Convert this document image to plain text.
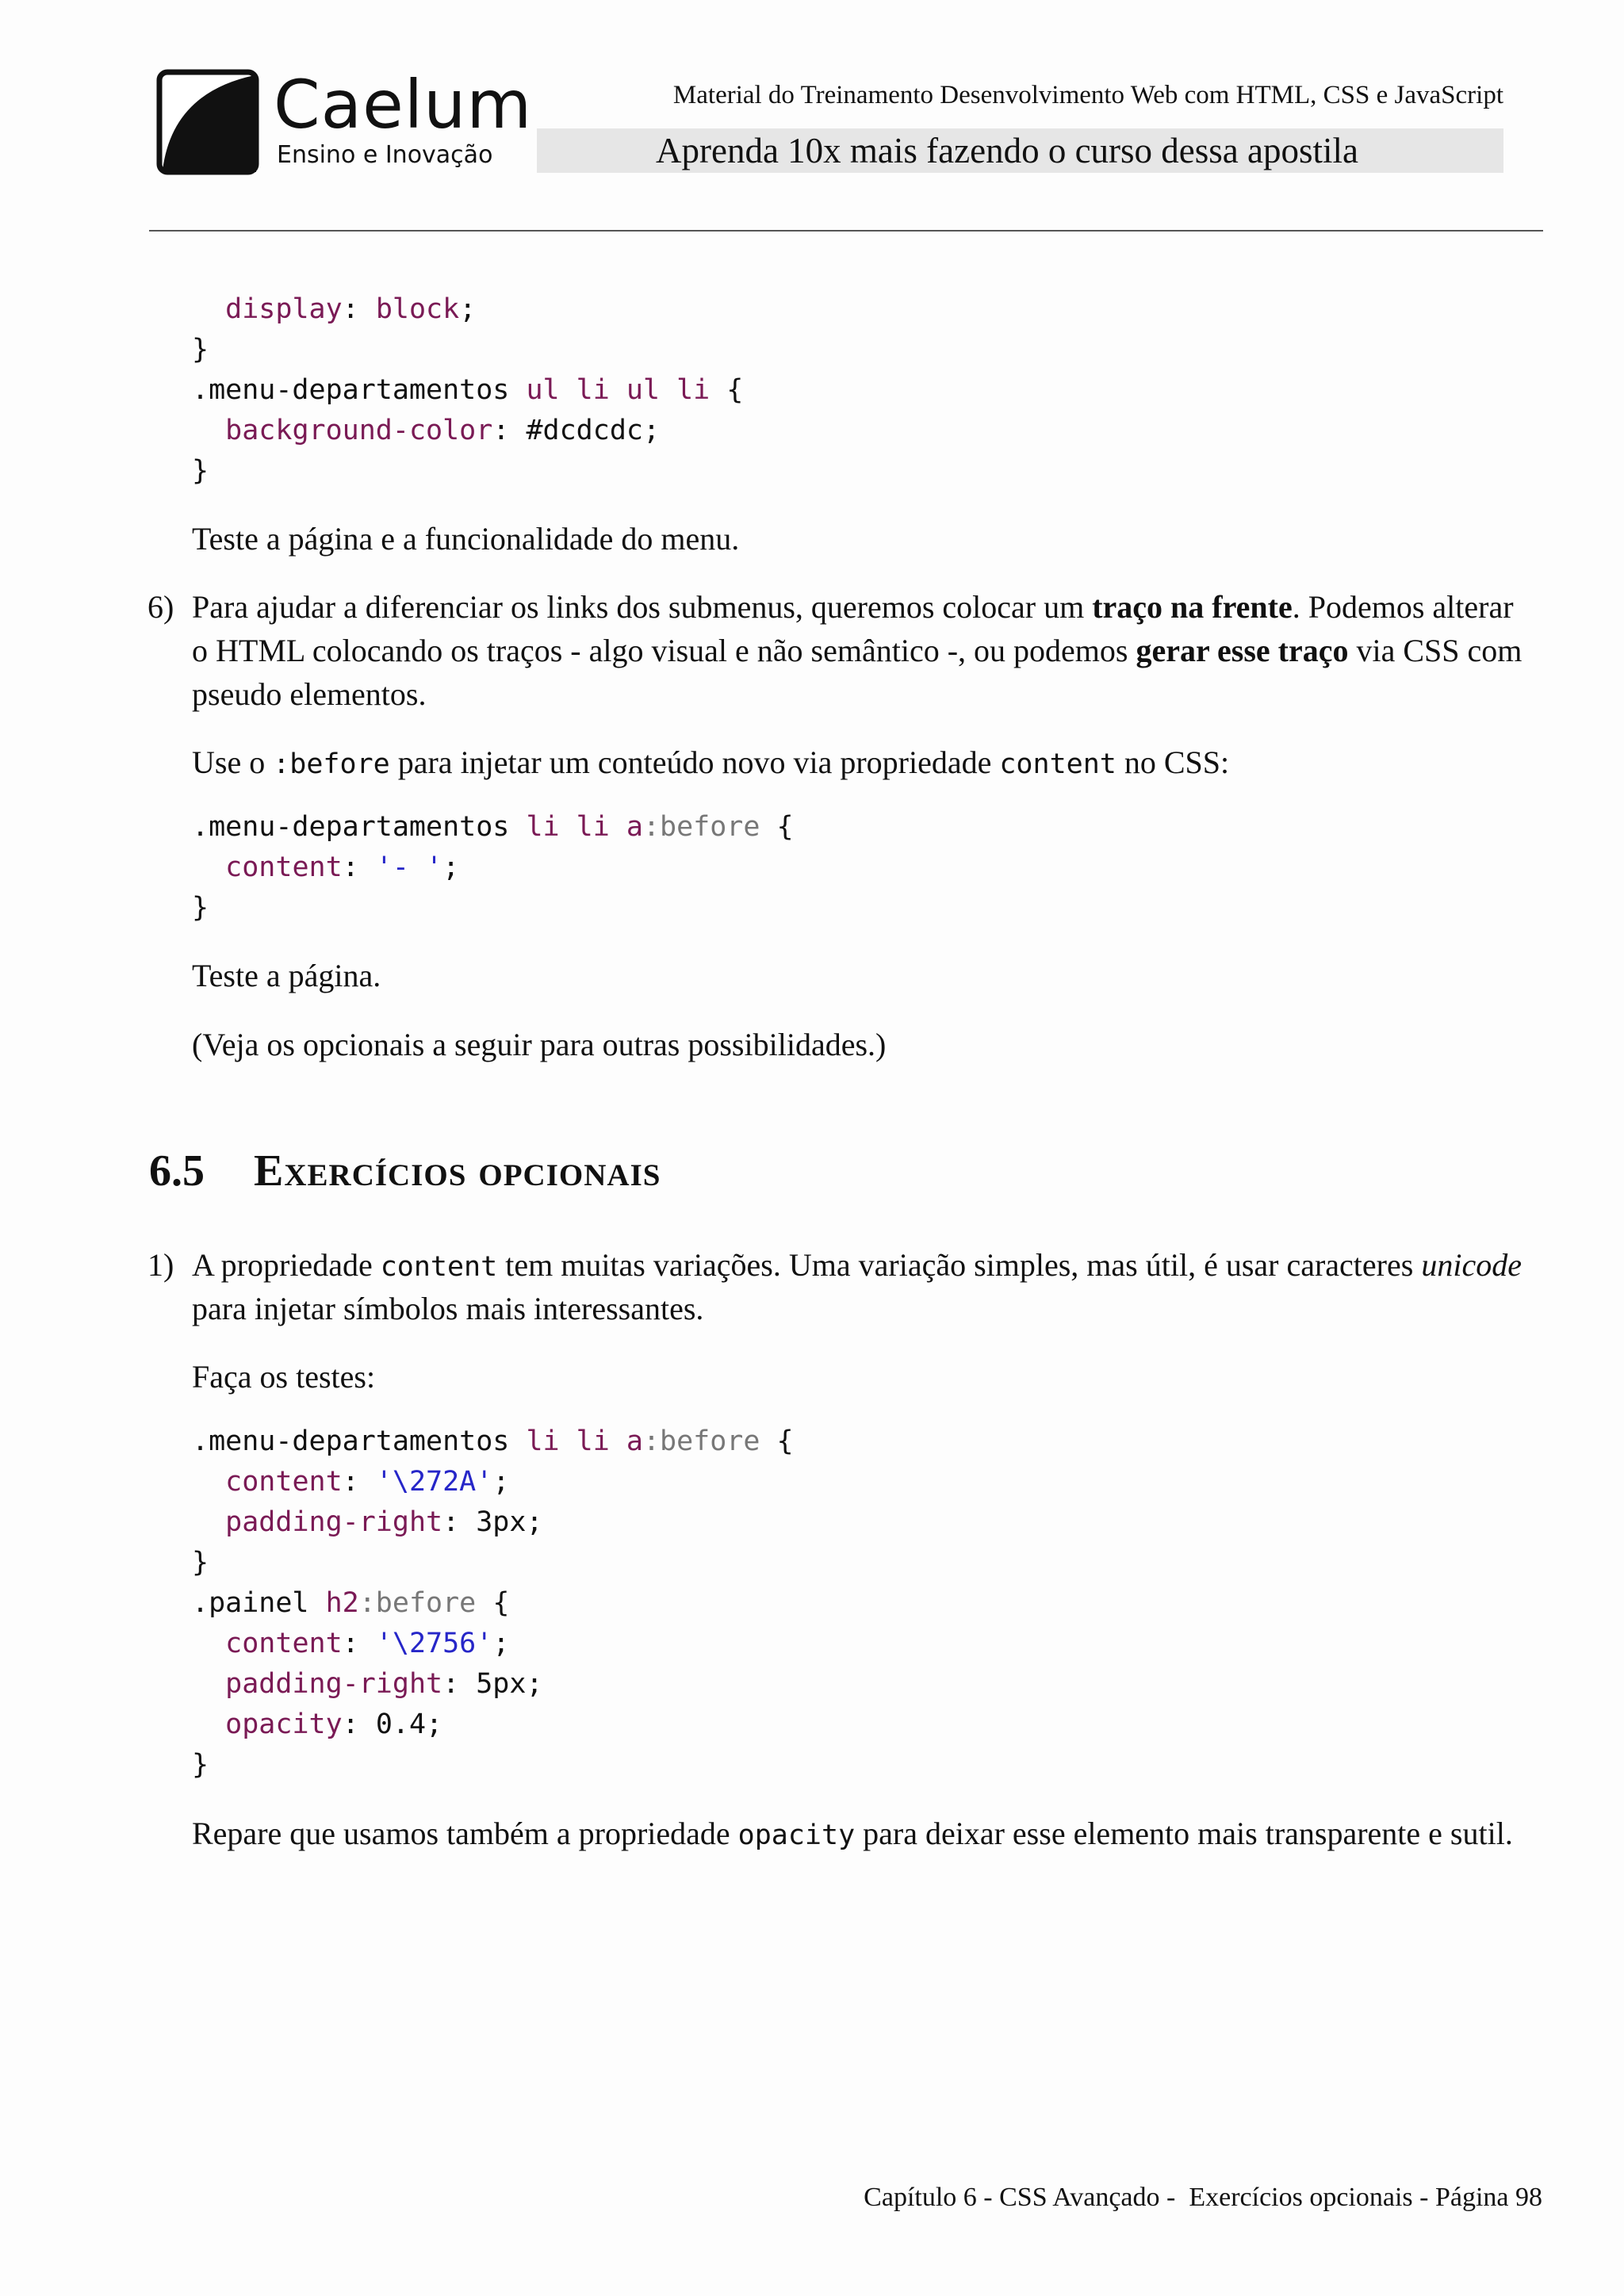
Caelum
Ensino e Inovação
Material do Treinamento Desenvolvimento Web com HTML, CSS e JavaScript
Aprenda 10x mais fazendo o curso dessa apostila
display: block;
}
.menu-departamentos ul li ul li {
background-color: #dcdcdc;
}
Teste a página e a funcionalidade do menu.
6) Para ajudar a diferenciar os links dos submenus, queremos colocar um traço na frente. Podemos alterar
o HTML colocando os traços - algo visual e não semântico -, ou podemos gerar esse traço via CSS com
pseudo elementos.
Use o :before para injetar um conteúdo novo via propriedade content no CSS:
.menu-departamentos li li a:before {
content: '- ';
}
Teste a página.
(Veja os opcionais a seguir para outras possibilidades.)
6.5 Exercícios opcionais
1) A propriedade content tem muitas variações. Uma variação simples, mas útil, é usar caracteres unicode
para injetar símbolos mais interessantes.
Faça os testes:
.menu-departamentos li li a:before {
content: '\272A';
padding-right: 3px;
}
.painel h2:before {
content: '\2756';
padding-right: 5px;
opacity: 0.4;
}
Repare que usamos também a propriedade opacity para deixar esse elemento mais transparente e sutil.
Capítulo 6 - CSS Avançado -  Exercícios opcionais - Página 98
